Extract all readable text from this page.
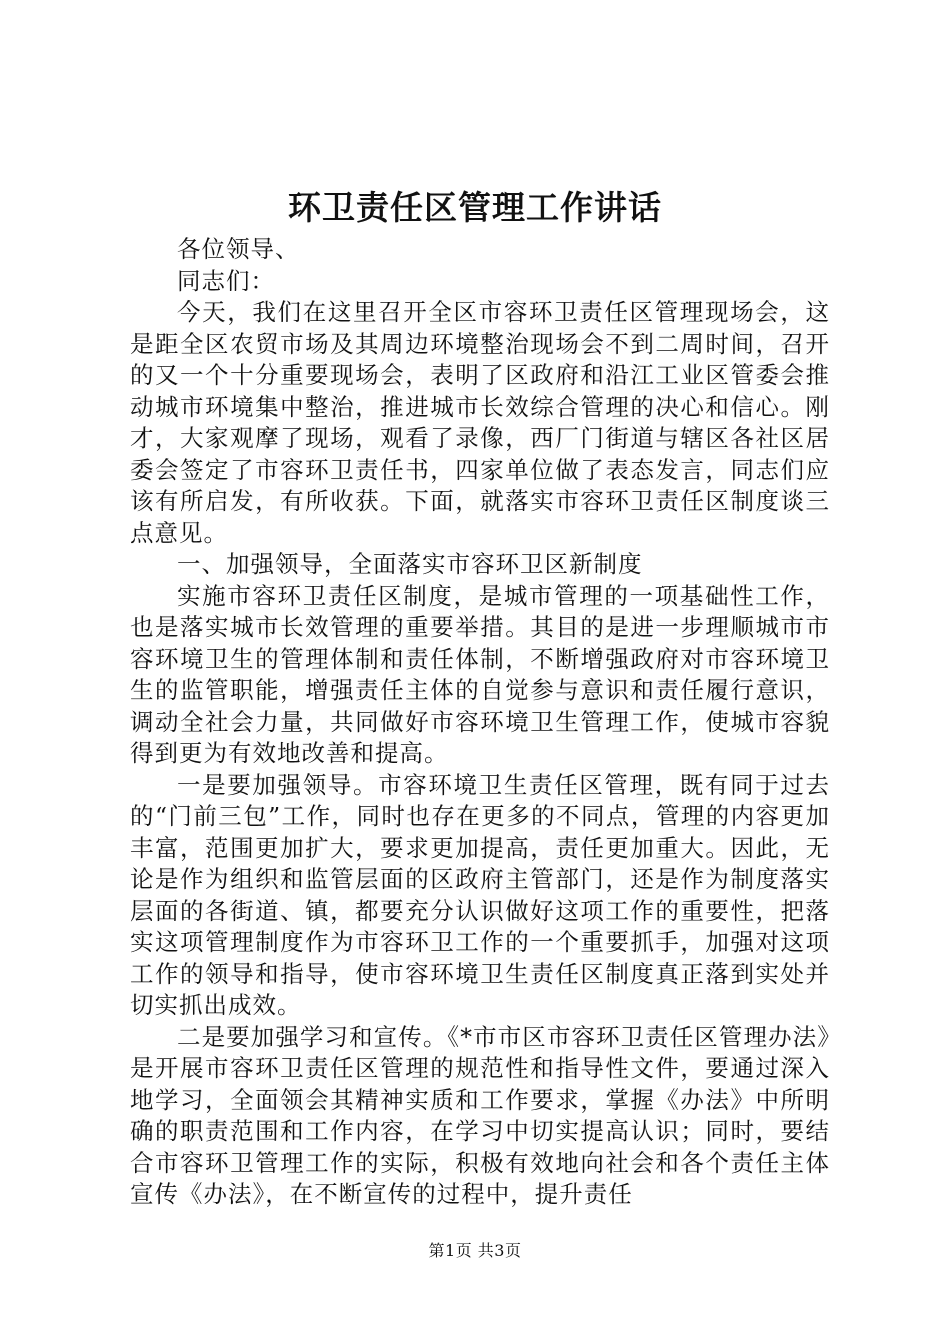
环卫责任区管理工作讲话

各位领导、

同志们：

今天，我们在这里召开全区市容环卫责任区管理现场会，这是距全区农贸市场及其周边环境整治现场会不到二周时间，召开的又一个十分重要现场会，表明了区政府和沿江工业区管委会推动城市环境集中整治，推进城市长效综合管理的决心和信心。刚才，大家观摩了现场，观看了录像，西厂门街道与辖区各社区居委会签定了市容环卫责任书，四家单位做了表态发言，同志们应该有所启发，有所收获。下面，就落实市容环卫责任区制度谈三点意见。

一、加强领导，全面落实市容环卫区新制度

实施市容环卫责任区制度，是城市管理的一项基础性工作，也是落实城市长效管理的重要举措。其目的是进一步理顺城市市容环境卫生的管理体制和责任体制，不断增强政府对市容环境卫生的监管职能，增强责任主体的自觉参与意识和责任履行意识，调动全社会力量，共同做好市容环境卫生管理工作，使城市容貌得到更为有效地改善和提高。

一是要加强领导。市容环境卫生责任区管理，既有同于过去的“门前三包”工作，同时也存在更多的不同点，管理的内容更加丰富，范围更加扩大，要求更加提高，责任更加重大。因此，无论是作为组织和监管层面的区政府主管部门，还是作为制度落实层面的各街道、镇，都要充分认识做好这项工作的重要性，把落实这项管理制度作为市容环卫工作的一个重要抓手，加强对这项工作的领导和指导，使市容环境卫生责任区制度真正落到实处并切实抓出成效。

二是要加强学习和宣传。《*市市区市容环卫责任区管理办法》是开展市容环卫责任区管理的规范性和指导性文件，要通过深入地学习，全面领会其精神实质和工作要求，掌握《办法》中所明确的职责范围和工作内容，在学习中切实提高认识；同时，要结合市容环卫管理工作的实际，积极有效地向社会和各个责任主体宣传《办法》，在不断宣传的过程中，提升责任

第1页 共3页
